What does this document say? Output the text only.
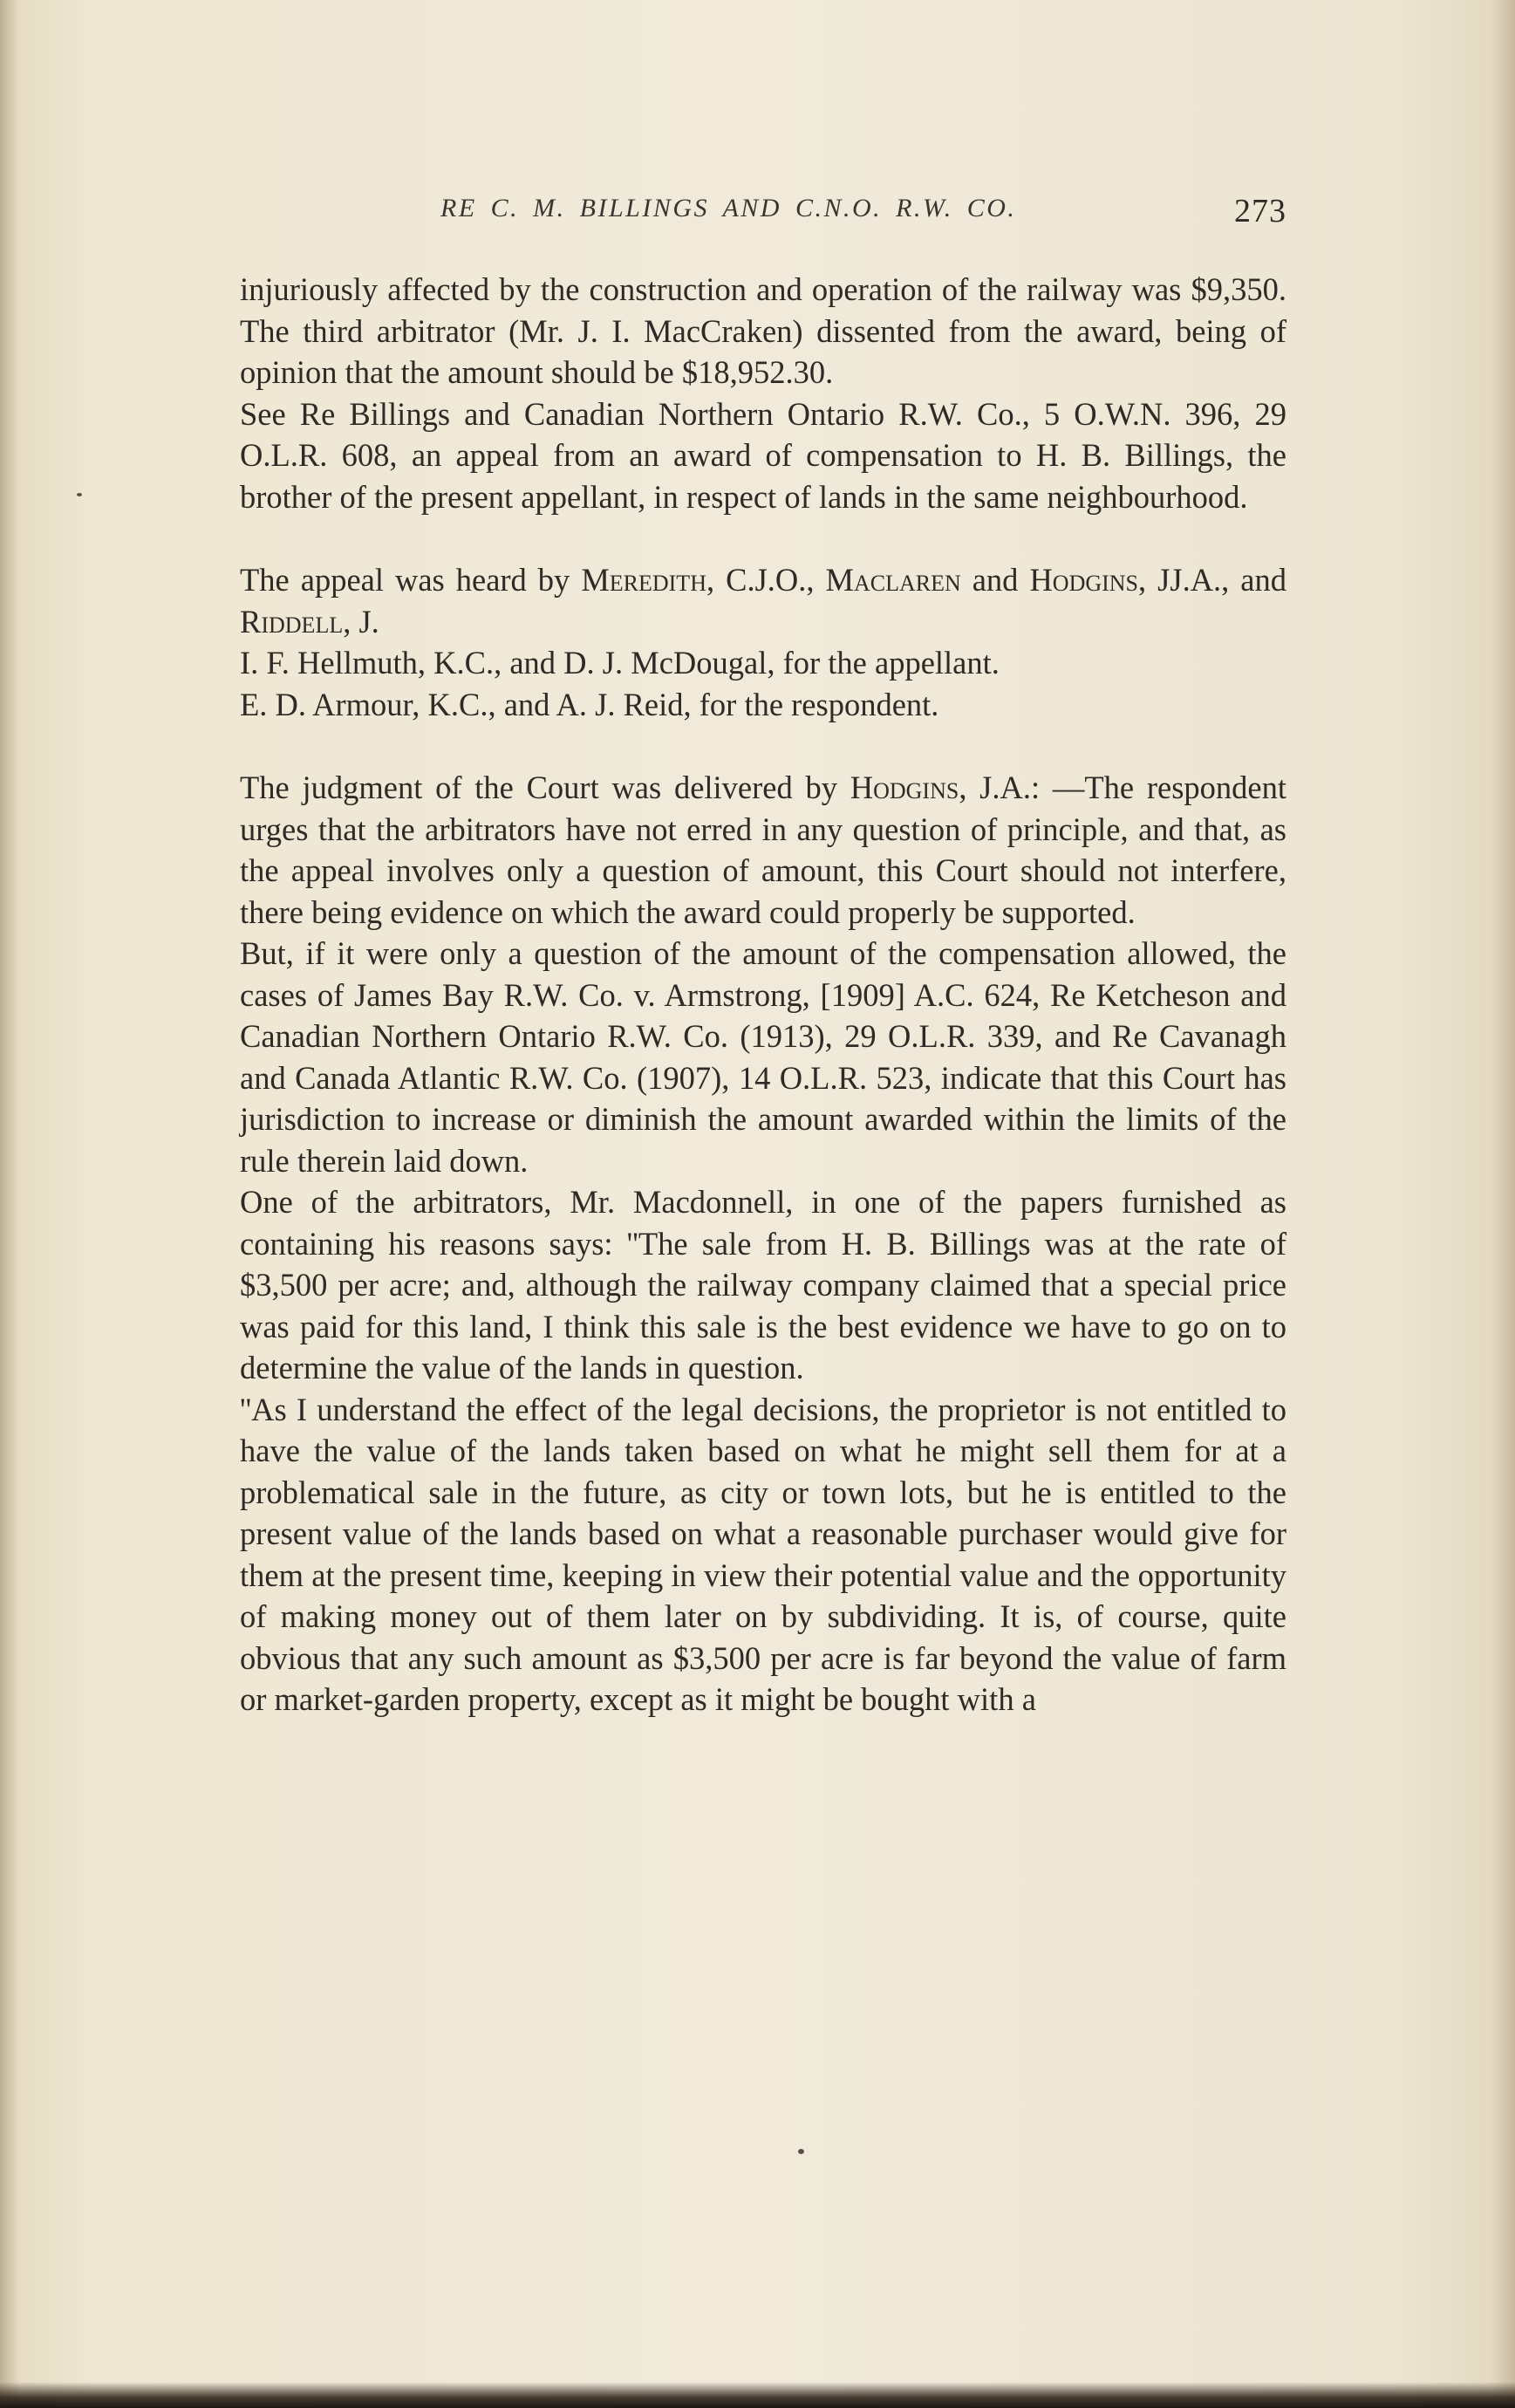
RE C. M. BILLINGS AND C.N.O. R.W. CO.	273

injuriously affected by the construction and operation of the railway was $9,350. The third arbitrator (Mr. J. I. MacCraken) dissented from the award, being of opinion that the amount should be $18,952.30.

See Re Billings and Canadian Northern Ontario R.W. Co., 5 O.W.N. 396, 29 O.L.R. 608, an appeal from an award of compensation to H. B. Billings, the brother of the present appellant, in respect of lands in the same neighbourhood.

The appeal was heard by Meredith, C.J.O., Maclaren and Hodgins, JJ.A., and Riddell, J.

I. F. Hellmuth, K.C., and D. J. McDougal, for the appellant.

E. D. Armour, K.C., and A. J. Reid, for the respondent.

The judgment of the Court was delivered by Hodgins, J.A.: —The respondent urges that the arbitrators have not erred in any question of principle, and that, as the appeal involves only a question of amount, this Court should not interfere, there being evidence on which the award could properly be supported.

But, if it were only a question of the amount of the compensation allowed, the cases of James Bay R.W. Co. v. Armstrong, [1909] A.C. 624, Re Ketcheson and Canadian Northern Ontario R.W. Co. (1913), 29 O.L.R. 339, and Re Cavanagh and Canada Atlantic R.W. Co. (1907), 14 O.L.R. 523, indicate that this Court has jurisdiction to increase or diminish the amount awarded within the limits of the rule therein laid down.

One of the arbitrators, Mr. Macdonnell, in one of the papers furnished as containing his reasons says: ''The sale from H. B. Billings was at the rate of $3,500 per acre; and, although the railway company claimed that a special price was paid for this land, I think this sale is the best evidence we have to go on to determine the value of the lands in question.

''As I understand the effect of the legal decisions, the proprietor is not entitled to have the value of the lands taken based on what he might sell them for at a problematical sale in the future, as city or town lots, but he is entitled to the present value of the lands based on what a reasonable purchaser would give for them at the present time, keeping in view their potential value and the opportunity of making money out of them later on by subdividing. It is, of course, quite obvious that any such amount as $3,500 per acre is far beyond the value of farm or market-garden property, except as it might be bought with a
